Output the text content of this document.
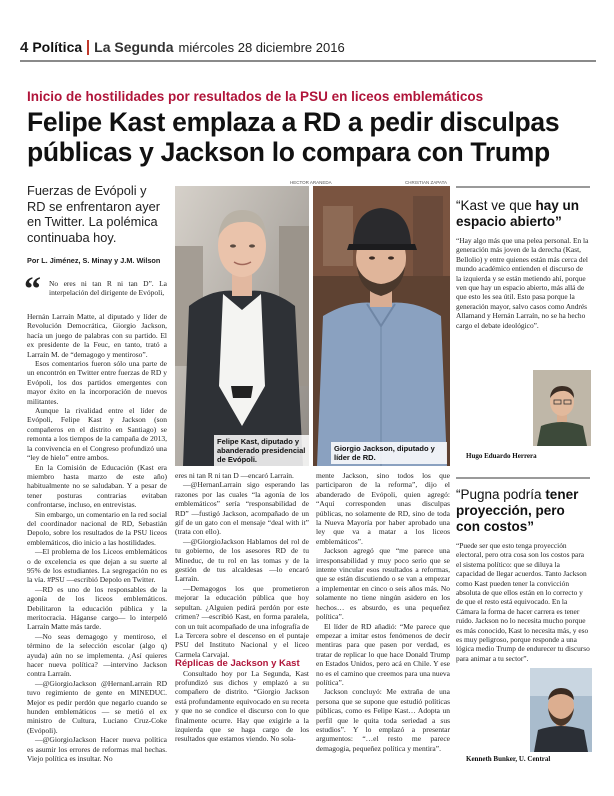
4 Política La Segunda miércoles 28 diciembre 2016
Inicio de hostilidades por resultados de la PSU en liceos emblemáticos
Felipe Kast emplaza a RD a pedir disculpas públicas y Jackson lo compara con Trump
Fuerzas de Evópoli y RD se enfrentaron ayer en Twitter. La polémica continuaba hoy.
Por L. Jiménez, S. Minay y J.M. Wilson
“ No eres ni tan R ni tan D”. La interpelación del dirigente de Evópoli,

Hernán Larraín Matte, al diputado y líder de Revolución Democrática, Giorgio Jackson, hacía un juego de palabras con su partido. El ex presidente de la Feuc, en tanto, trató a Larraín M. de “demagogo y mentiroso”.

Esos comentarios fueron sólo una parte de un encontrón en Twitter entre fuerzas de RD y Evópoli, los dos partidos emergentes con mayor éxito en la incorporación de nuevos militantes.

Aunque la rivalidad entre el líder de Evópoli, Felipe Kast y Jackson (son compañeros en el distrito en Santiago) se remonta a los tiempos de la campaña de 2013, la convivencia en el Congreso profundizó una “ley de hielo” entre ambos.

En la Comisión de Educación (Kast era miembro hasta marzo de este año) habitualmente no se saludaban. Y a pesar de tener posturas contrarias evitaban confrontarse, incluso, en entrevistas.

Sin embargo, un comentario en la red social del coordinador nacional de RD, Sebastián Depolo, sobre los resultados de la PSU liceos emblemáticos, dio inicio a las hostilidades.

—El problema de los Liceos emblemáticos o de excelencia es que dejan a su suerte al 95% de los estudiantes. La segregación no es la vía. #PSU —escribió Depolo en Twitter.

—RD es uno de los responsables de la agonía de los liceos emblemáticos. Debilitaron la educación pública y la meritocracia. Háganse cargo— lo interpeló Larraín Matte más tarde.

—No seas demagogo y mentiroso, el término de la selección escolar (algo q) ayuda) aún no se implementa. ¿Así quieres hacer nueva política? —intervino Jackson contra Larraín.

—@GiorgioJackson @HernanLarrain RD tuvo regimiento de gente en MINEDUC. Mejor es pedir perdón que negarlo cuando se hunden emblemáticos — se metió el ex ministro de Cultura, Luciano Cruz-Coke (Evópoli).

—@GiorgioJackson Hacer nueva política es asumir los errores de reformas mal hechas. Viejo política es insultar. No

HECTOR ARANEDA
Felipe Kast, diputado y abanderado presidencial de Evópoli.
CHRISTIAN ZAPATA
Giorgio Jackson, diputado y líder de RD.

eres ni tan R ni tan D —encaró Larraín.

—@HernanLarrain sigo esperando las razones por las cuales “la agonía de los emblemáticos” sería “responsabilidad de RD” —fustigó Jackson, acompañado de un gif de un gato con el mensaje “deal with it” (trata con ello).

—@GiorgioJackson Hablamos del rol de tu gobierno, de los asesores RD de tu Mineduc, de tu rol en las tomas y de la gestión de tus alcaldesas —lo encaró Larraín.

—Demagogos los que prometieron mejorar la educación pública que hoy sepultan. ¿Alguien pedirá perdón por este crimen? —escribió Kast, en forma paralela, con un tuit acompañado de una infografía de La Tercera sobre el descenso en el puntaje PSU del Instituto Nacional y el liceo Carmela Carvajal.

Réplicas de Jackson y Kast

Consultado hoy por La Segunda, Kast profundizó sus dichos y emplazó a su compañero de distrito. “Giorgio Jackson está profundamente equivocado en su receta y que no se condice el discurso con lo que finalmente ocurre. Hay que exigirle a la izquierda que se haga cargo de los resultados que estamos viendo. No sola-

mente Jackson, sino todos los que participaron de la reforma”, dijo el abanderado de Evópoli, quien agregó: “Aquí corresponden unas disculpas públicas, no solamente de RD, sino de toda la Nueva Mayoría por haber aprobado una ley que va a matar a los liceos emblemáticos”.

Jackson agregó que “me parece una irresponsabilidad y muy poco serio que se intente vincular esos resultados a reformas, que se están discutiendo o se van a empezar a implementar en cinco o seis años más. No solamente no tiene ningún asidero en los hechos… es absurdo, es una pequeñez política”.

El líder de RD añadió: “Me parece que empezar a imitar estos fenómenos de decir mentiras para que pasen por verdad, es tratar de replicar lo que hace Donald Trump en Estados Unidos, pero acá en Chile. Y ese no es el camino que creemos para una nueva política”.

Jackson concluyó: Me extraña de una persona que se supone que estudió políticas públicas, como es Felipe Kast… Adopta un perfil que le quita toda seriedad a sus estudios”. Y lo emplazó a presentar argumentos: “…el resto me parece demagogia, pequeñez política y mentira”.

“Kast ve que hay un espacio abierto”
“Hay algo más que una pelea personal. En la generación más joven de la derecha (Kast, Bellolio) y entre quienes están más cerca del mundo académico entienden el discurso de la izquierda y se están metiendo ahí, porque ven que hay un espacio abierto, más allá de que esto les sea útil. Esto pasa porque la generación mayor, salvo casos como Andrés Allamand y Hernán Larraín, no se ha hecho cargo el debate ideológico”.
Hugo Eduardo Herrera
“Pugna podría tener proyección, pero con costos”
“Puede ser que esto tenga proyección electoral, pero otra cosa son los costos para el sistema político: que se diluya la capacidad de llegar acuerdos. Tanto Jackson como Kast pueden tener la convicción absoluta de que ellos están en lo correcto y de que el resto está equivocado. En la Cámara la forma de hacer carrera es tener ruido. Jackson no lo necesita mucho porque es más conocido, Kast lo necesita más, y eso es muy peligroso, porque responde a una lógica medio Trump de endurecer tu discurso para animar a tu sector”.
Kenneth Bunker, U. Central
